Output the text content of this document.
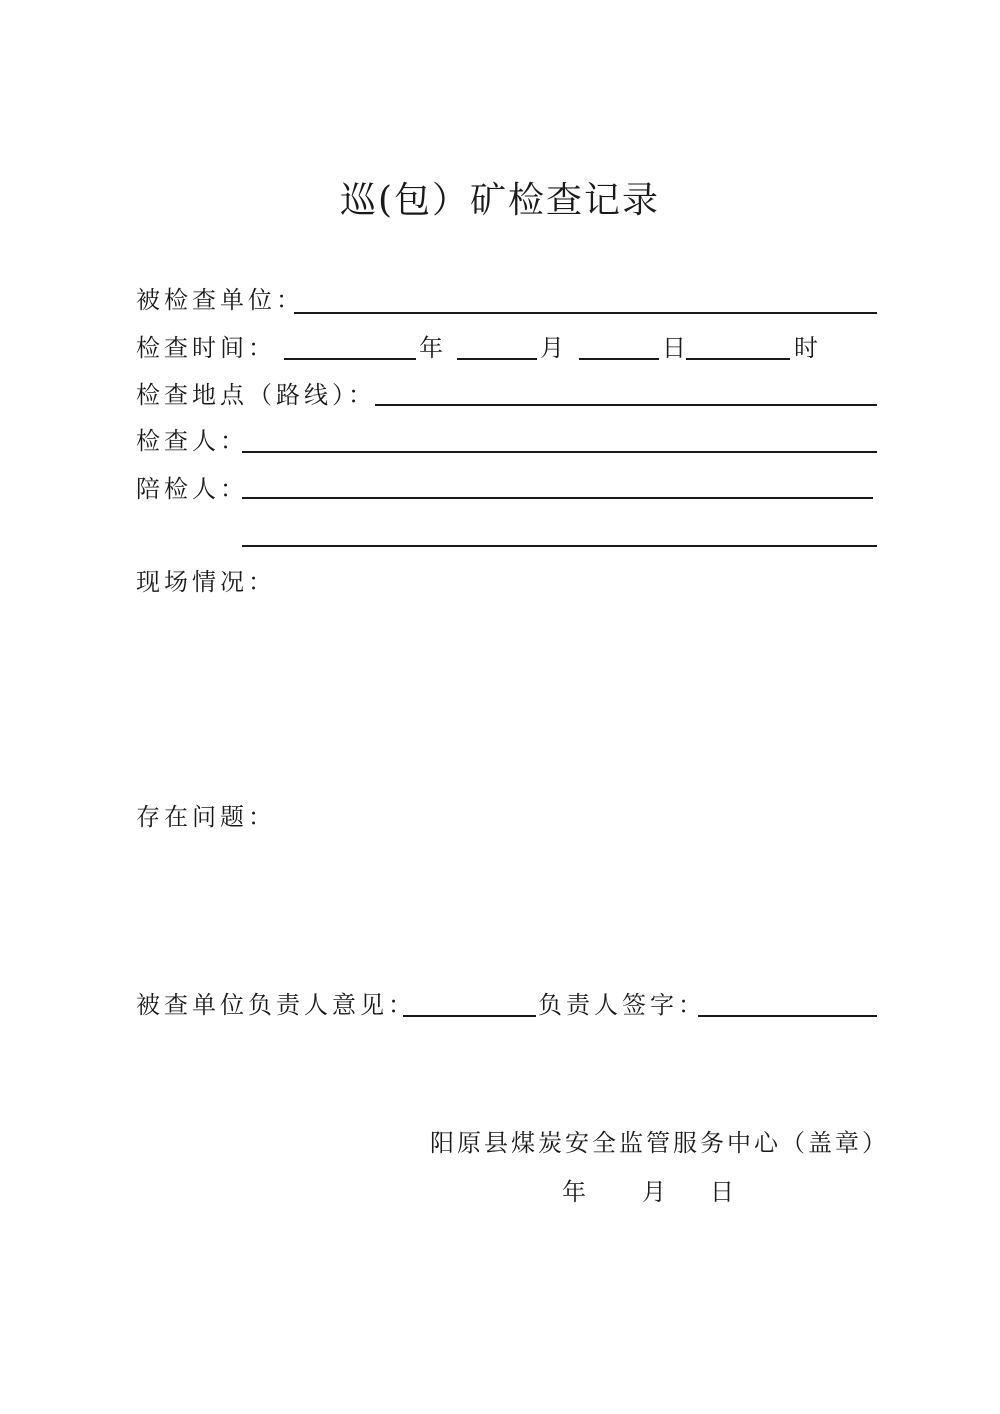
巡(包）矿检查记录
被检查单位：
检查时间：	年	月	日	时
检查地点（路线）：
检查人：
陪检人：
现场情况：
存在问题：
被查单位负责人意见：	负责人签字：
阳原县煤炭安全监管服务中心（盖章）
年 月 日
